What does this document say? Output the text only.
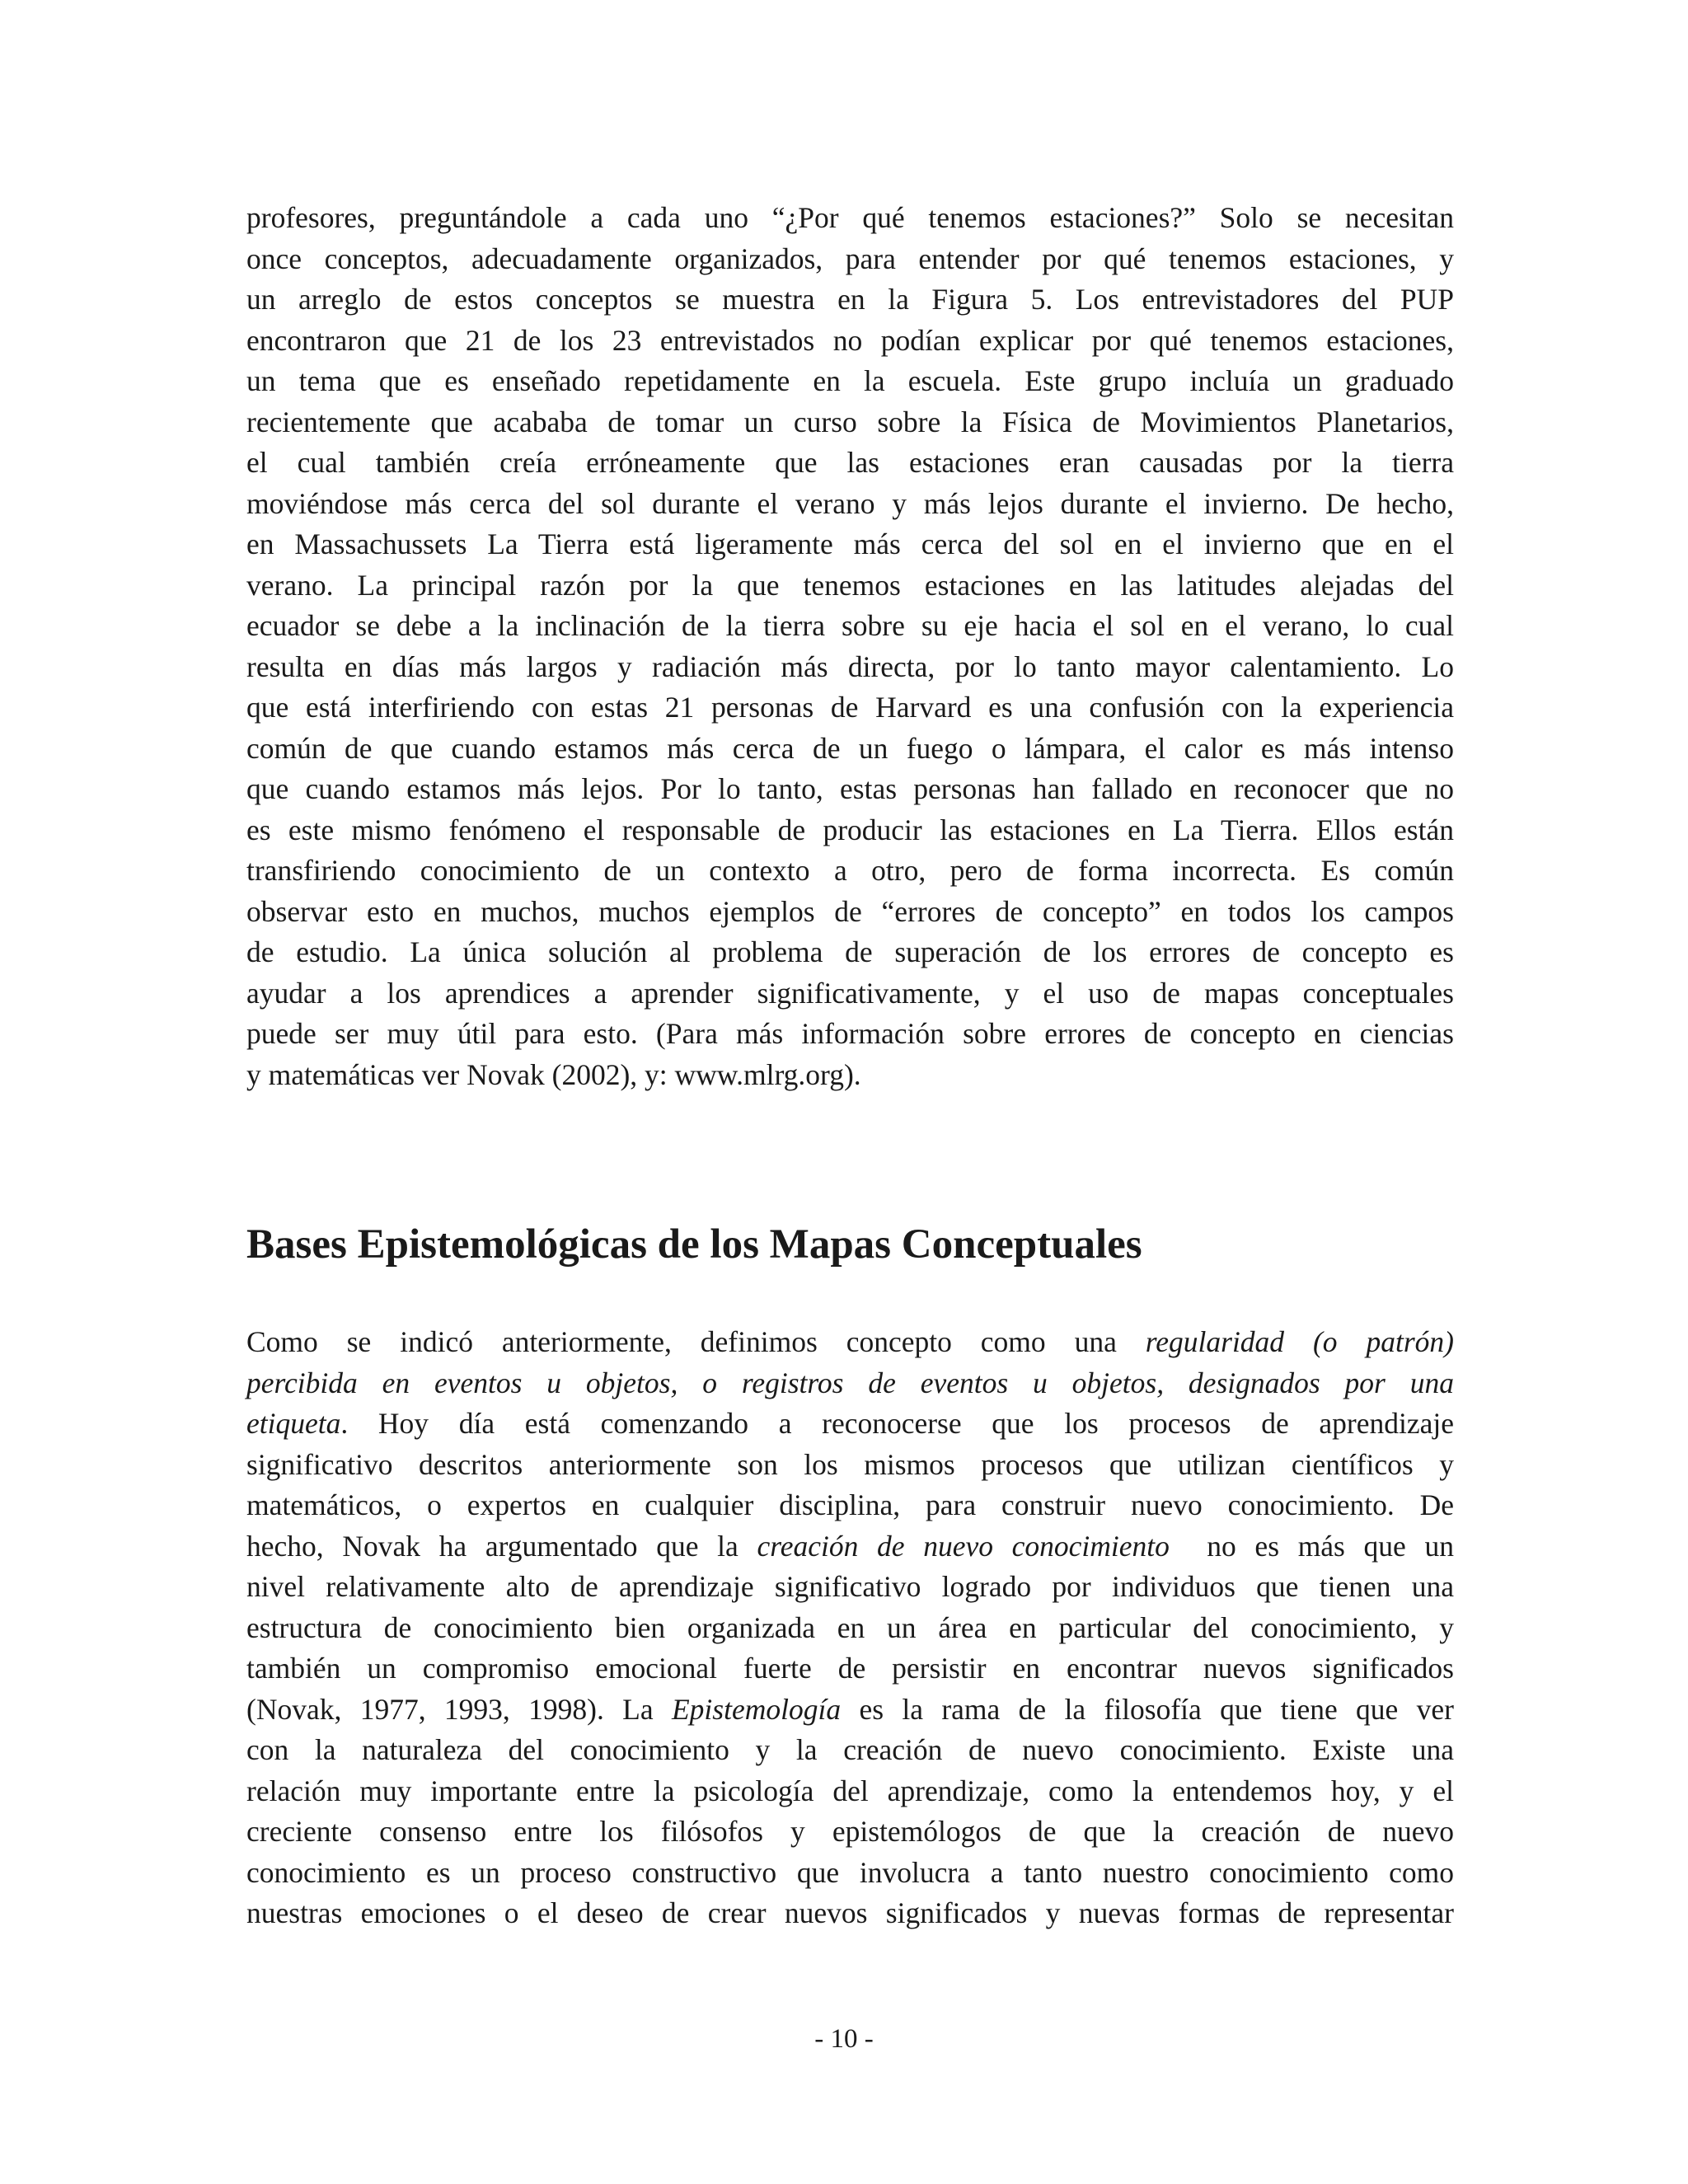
profesores, preguntándole a cada uno “¿Por qué tenemos estaciones?” Solo se necesitan
once conceptos, adecuadamente organizados, para entender por qué tenemos estaciones, y
un arreglo de estos conceptos se muestra en la Figura 5. Los entrevistadores del PUP
encontraron que 21 de los 23 entrevistados no podían explicar por qué tenemos estaciones,
un tema que es enseñado repetidamente en la escuela. Este grupo incluía un graduado
recientemente que acababa de tomar un curso sobre la Física de Movimientos Planetarios,
el cual también creía erróneamente que las estaciones eran causadas por la tierra
moviéndose más cerca del sol durante el verano y más lejos durante el invierno. De hecho,
en Massachussets La Tierra está ligeramente más cerca del sol en el invierno que en el
verano. La principal razón por la que tenemos estaciones en las latitudes alejadas del
ecuador se debe a la inclinación de la tierra sobre su eje hacia el sol en el verano, lo cual
resulta en días más largos y radiación más directa, por lo tanto mayor calentamiento. Lo
que está interfiriendo con estas 21 personas de Harvard es una confusión con la experiencia
común de que cuando estamos más cerca de un fuego o lámpara, el calor es más intenso
que cuando estamos más lejos. Por lo tanto, estas personas han fallado en reconocer que no
es este mismo fenómeno el responsable de producir las estaciones en La Tierra. Ellos están
transfiriendo conocimiento de un contexto a otro, pero de forma incorrecta. Es común
observar esto en muchos, muchos ejemplos de “errores de concepto” en todos los campos
de estudio. La única solución al problema de superación de los errores de concepto es
ayudar a los aprendices a aprender significativamente, y el uso de mapas conceptuales
puede ser muy útil para esto. (Para más información sobre errores de concepto en ciencias
y matemáticas ver Novak (2002), y: www.mlrg.org).
Bases Epistemológicas de los Mapas Conceptuales
Como se indicó anteriormente, definimos concepto como una regularidad (o patrón)
percibida en eventos u objetos, o registros de eventos u objetos, designados por una
etiqueta. Hoy día está comenzando a reconocerse que los procesos de aprendizaje
significativo descritos anteriormente son los mismos procesos que utilizan científicos y
matemáticos, o expertos en cualquier disciplina, para construir nuevo conocimiento. De
hecho, Novak ha argumentado que la creación de nuevo conocimiento  no es más que un
nivel relativamente alto de aprendizaje significativo logrado por individuos que tienen una
estructura de conocimiento bien organizada en un área en particular del conocimiento, y
también un compromiso emocional fuerte de persistir en encontrar nuevos significados
(Novak, 1977, 1993, 1998). La Epistemología es la rama de la filosofía que tiene que ver
con la naturaleza del conocimiento y la creación de nuevo conocimiento. Existe una
relación muy importante entre la psicología del aprendizaje, como la entendemos hoy, y el
creciente consenso entre los filósofos y epistemólogos de que la creación de nuevo
conocimiento es un proceso constructivo que involucra a tanto nuestro conocimiento como
nuestras emociones o el deseo de crear nuevos significados y nuevas formas de representar
- 10 -
